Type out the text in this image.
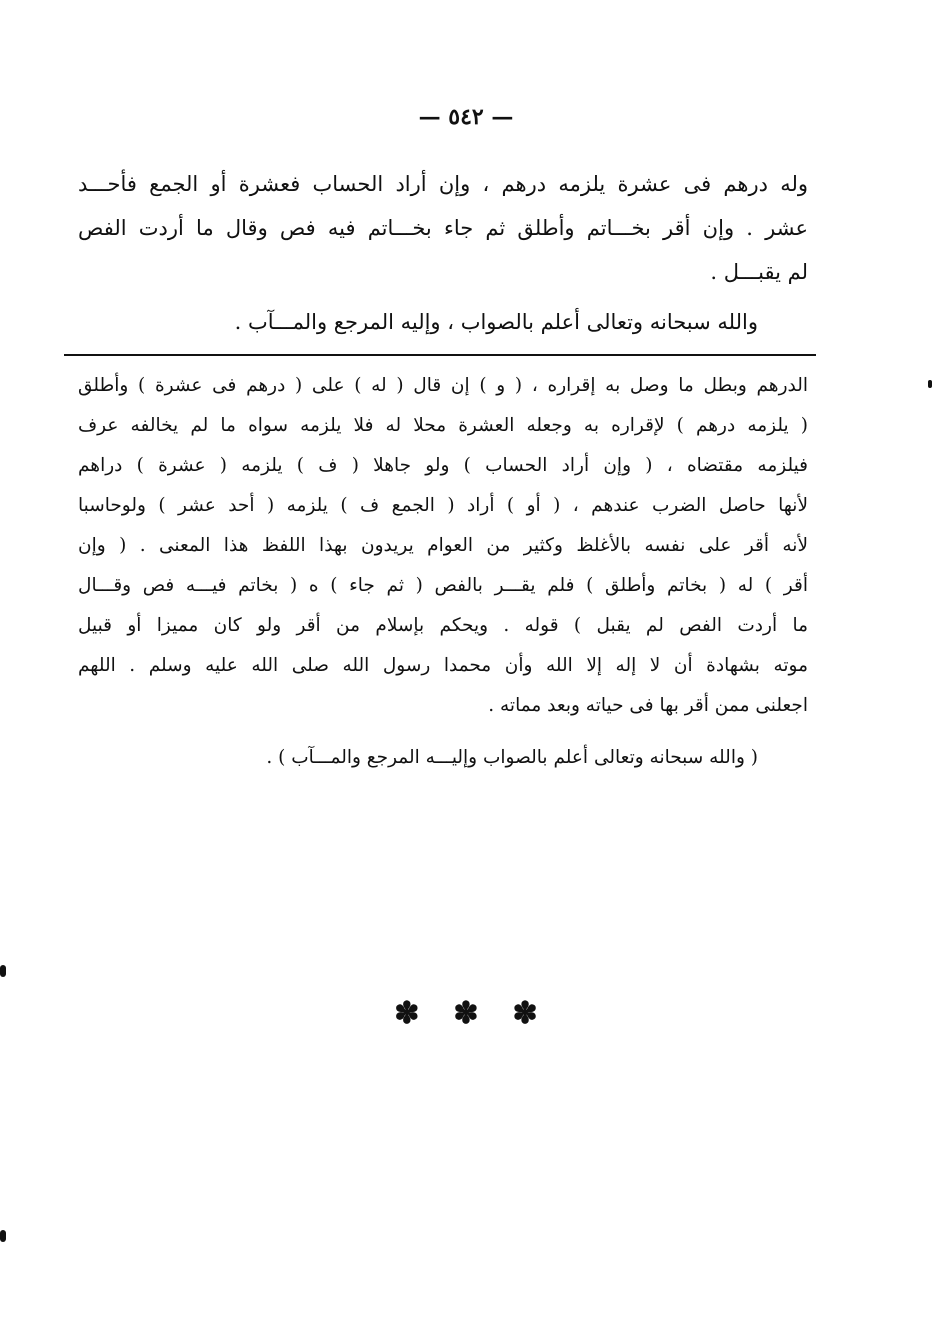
— ٥٤٢ —
وله درهم فى عشرة يلزمه درهم ، وإن أراد الحساب فعشرة أو الجمع فأحـــد
عشر . وإن أقر بخـــاتم وأطلق ثم جاء بخـــاتم فيه فص وقال ما أردت الفص
لم يقبـــل .
والله سبحانه وتعالى أعلم بالصواب ، وإليه المرجع والمـــآب .
الدرهم وبطل ما وصل به إقراره ، ( و ) إن قال ( له ) على ( درهم فى عشرة ) وأطلق
( يلزمه درهم ) لإقراره به وجعله العشرة محلا له فلا يلزمه سواه ما لم يخالفه عرف
فيلزمه مقتضاه ، ( وإن أراد الحساب ) ولو جاهلا ( ف ) يلزمه ( عشرة ) دراهم
لأنها حاصل الضرب عندهم ، ( أو ) أراد ( الجمع ف ) يلزمه ( أحد عشر ) ولوحاسبا
لأنه أقر على نفسه بالأغلظ وكثير من العوام يريدون بهذا اللفظ هذا المعنى . ( وإن
أقر ) له ( بخاتم وأطلق ) فلم يقـــر بالفص ( ثم جاء ) ه ( بخاتم فيـــه فص وقـــال
ما أردت الفص لم يقبل ) قوله . ويحكم بإسلام من أقر ولو كان مميزا أو قبيل
موته بشهادة أن لا إله إلا الله وأن محمدا رسول الله صلى الله عليه وسلم . اللهم
اجعلنى ممن أقر بها فى حياته وبعد مماته .
( والله سبحانه وتعالى أعلم بالصواب وإليـــه المرجع والمـــآب ) .
✽✽✽
